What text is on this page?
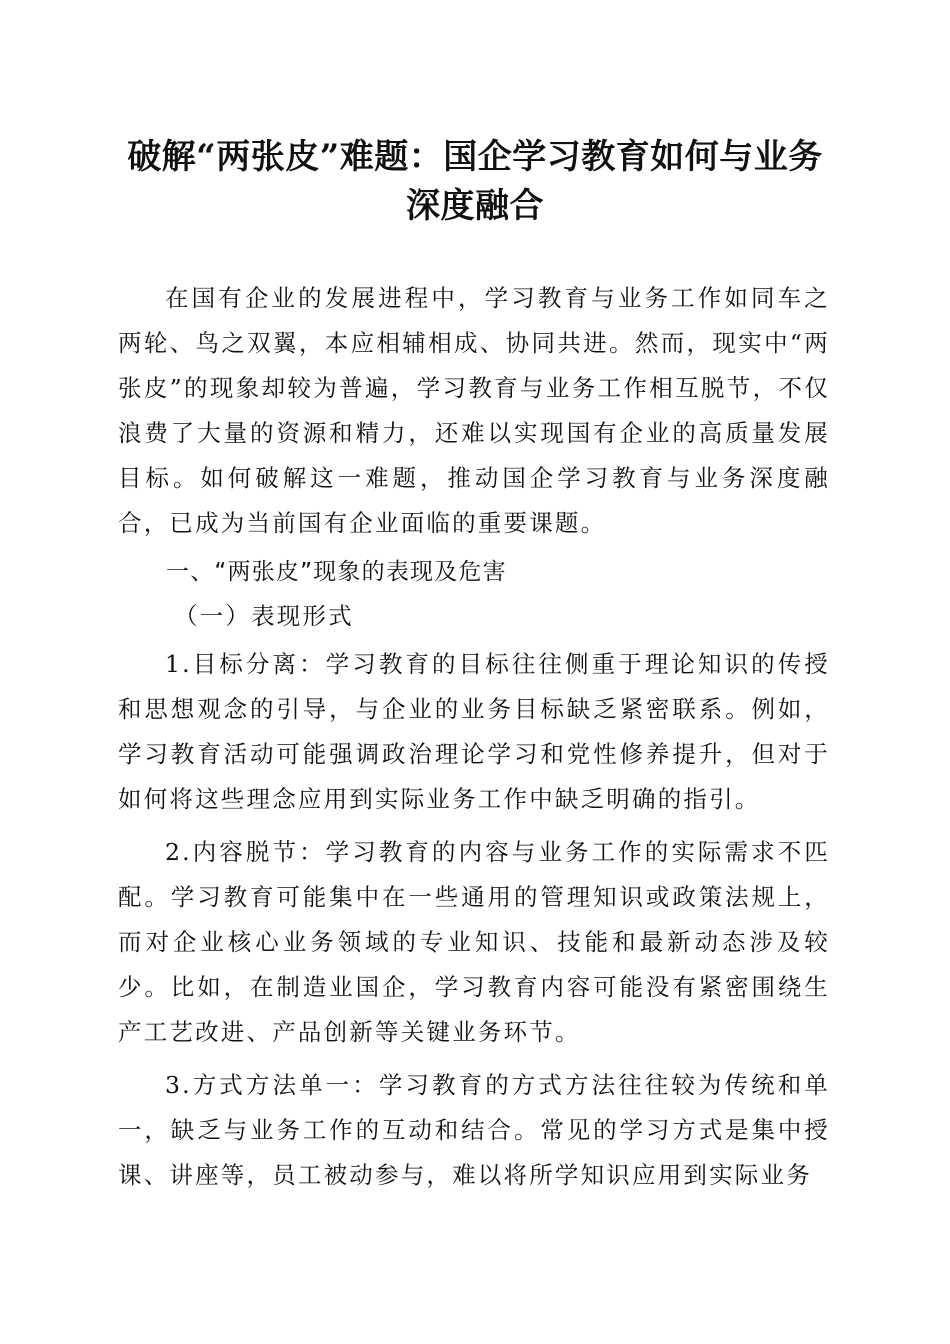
破解“两张皮”难题：国企学习教育如何与业务深度融合

在国有企业的发展进程中，学习教育与业务工作如同车之两轮、鸟之双翼，本应相辅相成、协同共进。然而，现实中“两张皮”的现象却较为普遍，学习教育与业务工作相互脱节，不仅浪费了大量的资源和精力，还难以实现国有企业的高质量发展目标。如何破解这一难题，推动国企学习教育与业务深度融合，已成为当前国有企业面临的重要课题。

一、“两张皮”现象的表现及危害

（一）表现形式

1.目标分离：学习教育的目标往往侧重于理论知识的传授和思想观念的引导，与企业的业务目标缺乏紧密联系。例如，学习教育活动可能强调政治理论学习和党性修养提升，但对于如何将这些理念应用到实际业务工作中缺乏明确的指引。

2.内容脱节：学习教育的内容与业务工作的实际需求不匹配。学习教育可能集中在一些通用的管理知识或政策法规上，而对企业核心业务领域的专业知识、技能和最新动态涉及较少。比如，在制造业国企，学习教育内容可能没有紧密围绕生产工艺改进、产品创新等关键业务环节。

3.方式方法单一：学习教育的方式方法往往较为传统和单一，缺乏与业务工作的互动和结合。常见的学习方式是集中授课、讲座等，员工被动参与，难以将所学知识应用到实际业务
